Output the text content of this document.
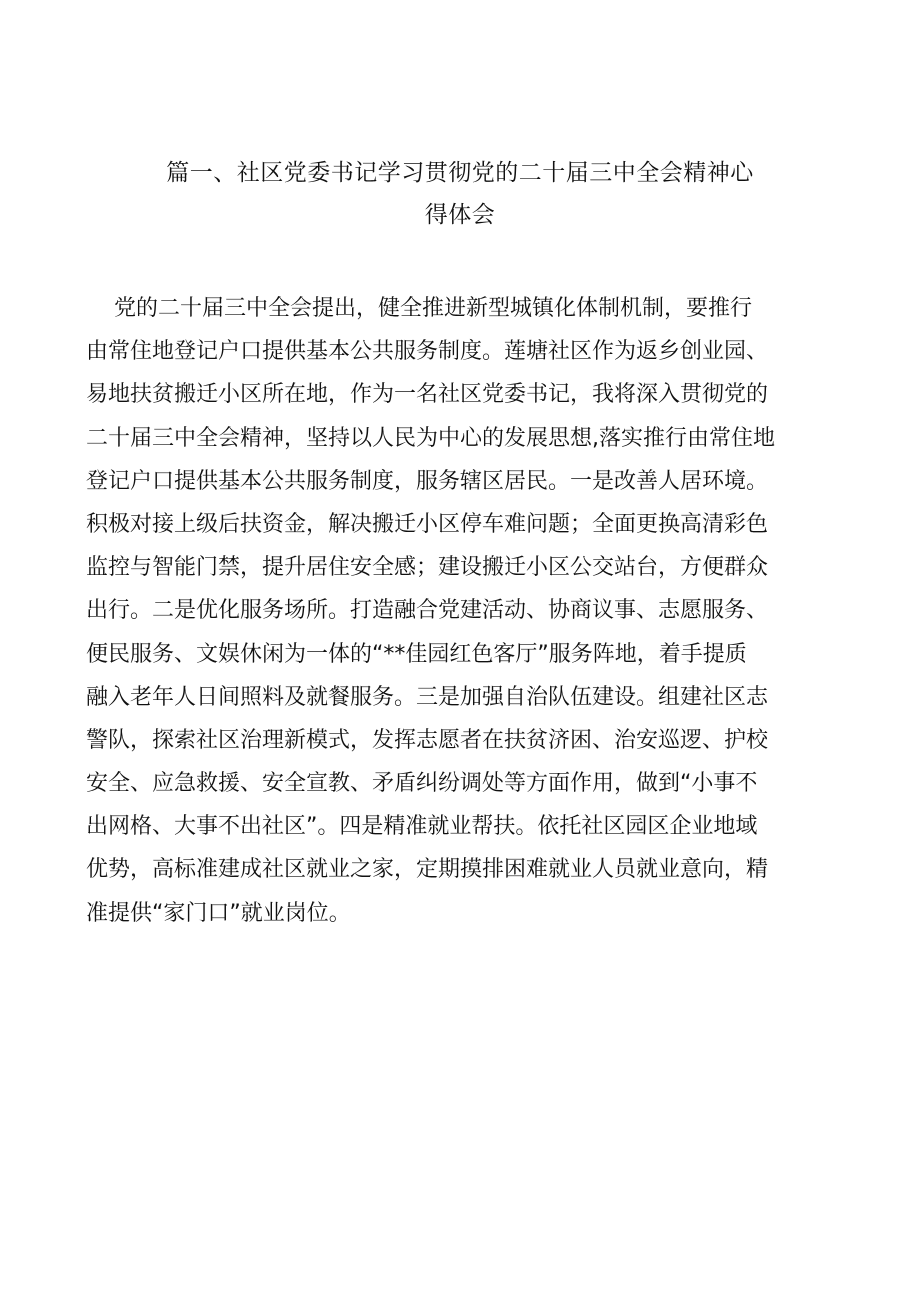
篇一、社区党委书记学习贯彻党的二十届三中全会精神心
得体会
党的二十届三中全会提出，健全推进新型城镇化体制机制，要推行
由常住地登记户口提供基本公共服务制度。莲塘社区作为返乡创业园、
易地扶贫搬迁小区所在地，作为一名社区党委书记，我将深入贯彻党的
二十届三中全会精神，坚持以人民为中心的发展思想,落实推行由常住地
登记户口提供基本公共服务制度，服务辖区居民。一是改善人居环境。
积极对接上级后扶资金，解决搬迁小区停车难问题；全面更换高清彩色
监控与智能门禁，提升居住安全感；建设搬迁小区公交站台，方便群众
出行。二是优化服务场所。打造融合党建活动、协商议事、志愿服务、
便民服务、文娱休闲为一体的“**佳园红色客厅”服务阵地，着手提质
融入老年人日间照料及就餐服务。三是加强自治队伍建设。组建社区志
警队，探索社区治理新模式，发挥志愿者在扶贫济困、治安巡逻、护校
安全、应急救援、安全宣教、矛盾纠纷调处等方面作用，做到“小事不
出网格、大事不出社区”。四是精准就业帮扶。依托社区园区企业地域
优势，高标准建成社区就业之家，定期摸排困难就业人员就业意向，精
准提供“家门口”就业岗位。
